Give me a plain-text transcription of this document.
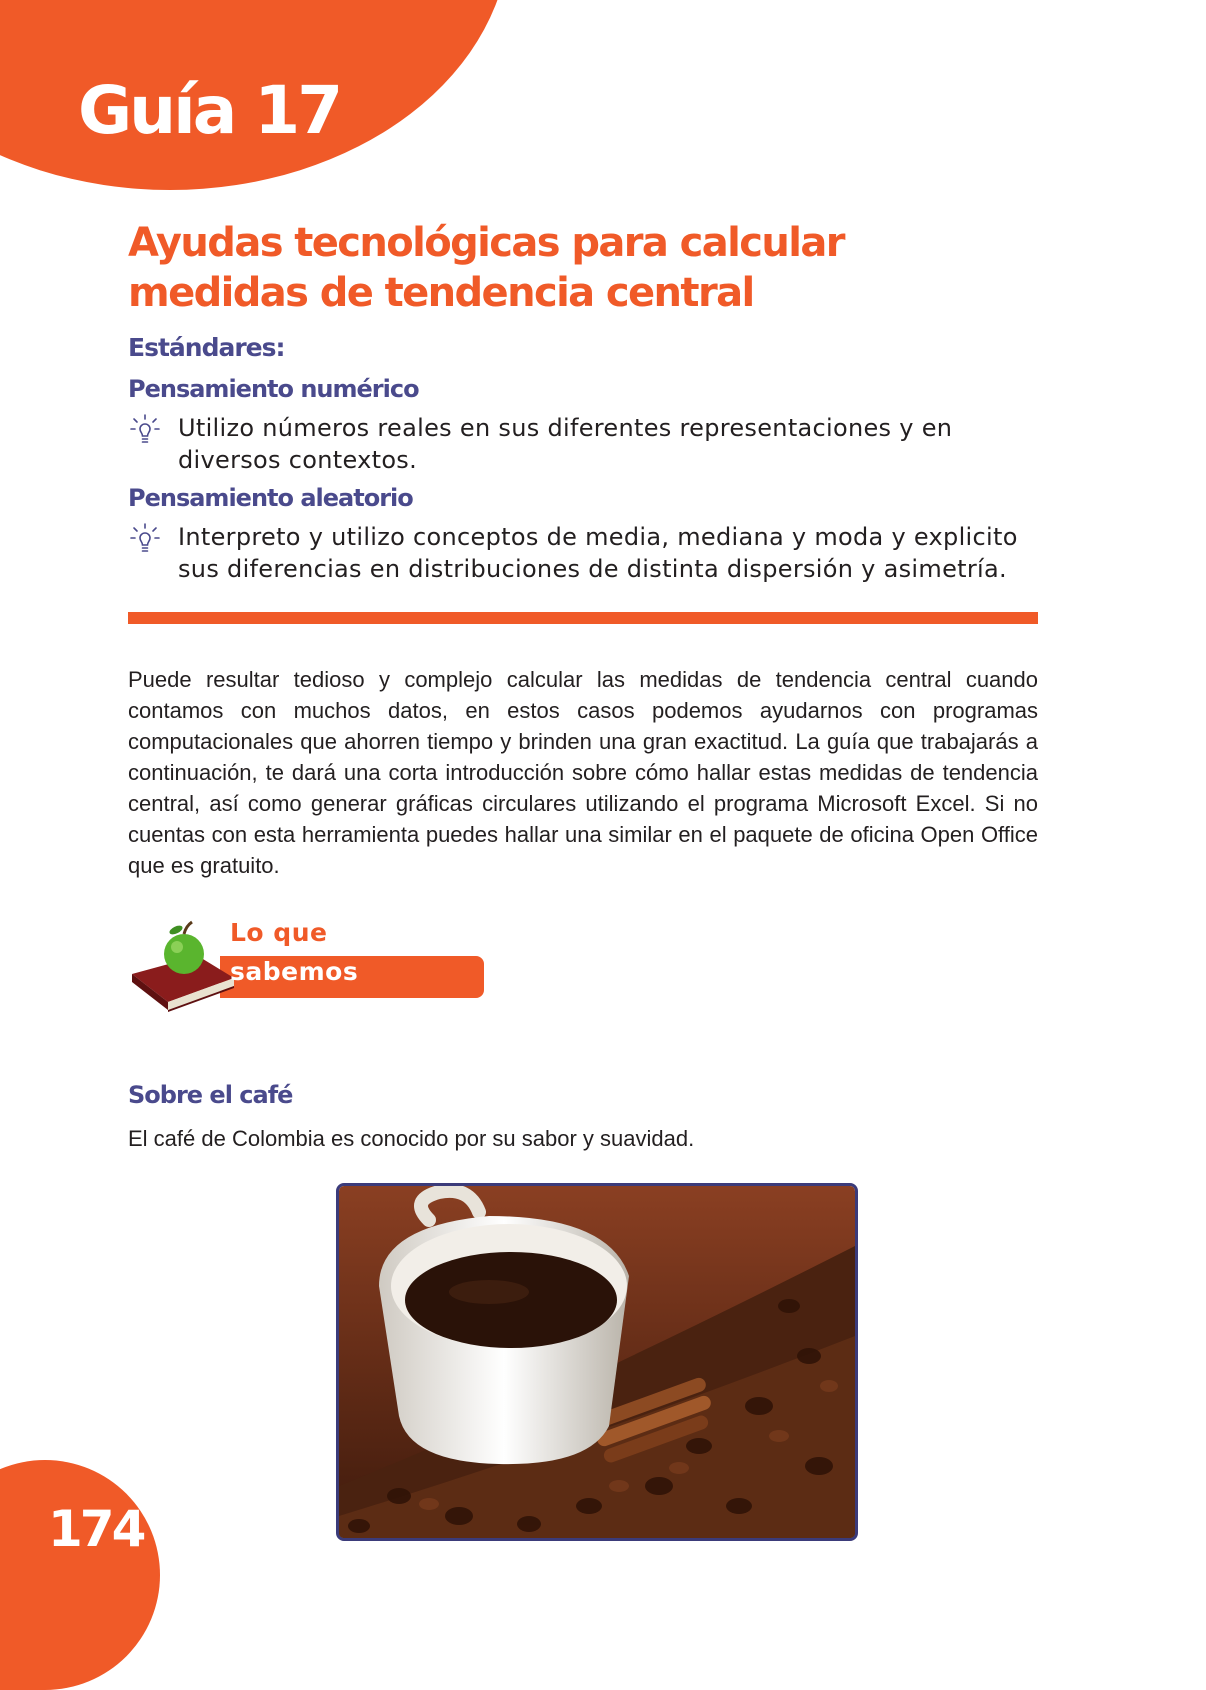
Guía 17
Ayudas tecnológicas para calcular
medidas de tendencia central
Estándares:
Pensamiento numérico
Utilizo números reales en sus diferentes representaciones y en diversos contextos.
Pensamiento aleatorio
Interpreto y utilizo conceptos de media, mediana y moda y explicito sus diferencias en distribuciones de distinta dispersión y asimetría.

Puede resultar tedioso y complejo calcular las medidas de tendencia central cuando contamos con muchos datos, en estos casos podemos ayudarnos con programas computacionales que ahorren tiempo y brinden una gran exactitud. La guía que trabajarás a continuación, te dará una corta introducción sobre cómo hallar estas medidas de tendencia central, así como generar gráficas circulares utilizando el programa Microsoft Excel. Si no cuentas con esta herramienta puedes hallar una similar en el paquete de oficina Open Office que es gratuito.

Lo que
sabemos
Sobre el café

El café de Colombia es conocido por su sabor y suavidad.

174
